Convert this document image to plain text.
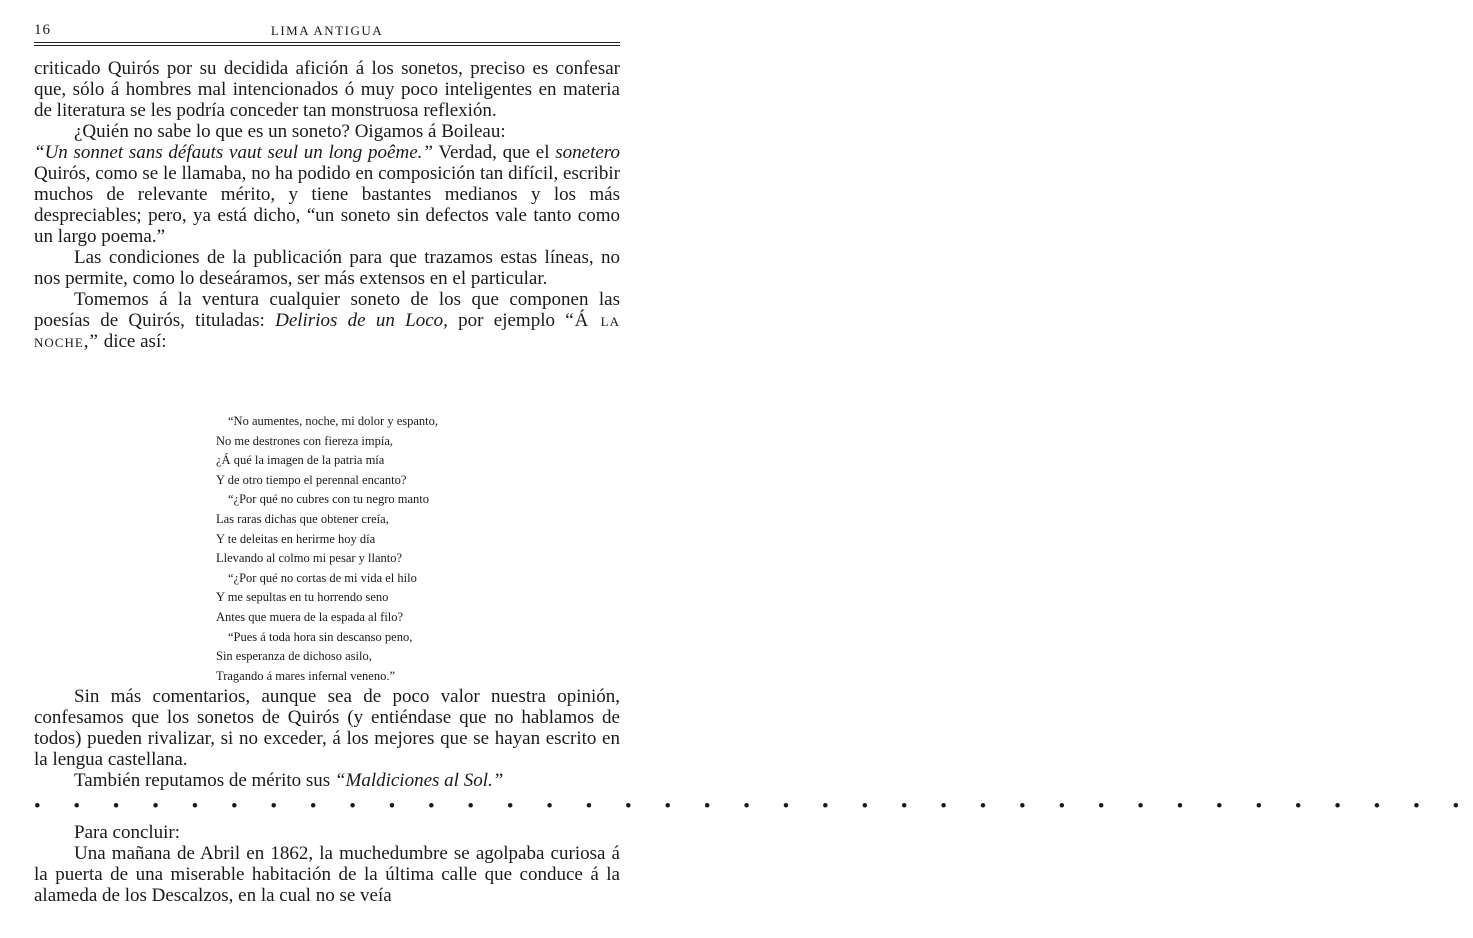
16	LIMA ANTIGUA

criticado Quirós por su decidida afición á los sonetos, preciso es confesar que, sólo á hombres mal intencionados ó muy poco inteligentes en materia de literatura se les podría conceder tan monstruosa reflexión.

¿Quién no sabe lo que es un soneto? Oigamos á Boileau:
“Un sonnet sans défauts vaut seul un long poême.” Verdad, que el sonetero Quirós, como se le llamaba, no ha podido en composición tan difícil, escribir muchos de relevante mérito, y tiene bastantes medianos y los más despreciables; pero, ya está dicho, “un soneto sin defectos vale tanto como un largo poema.”

Las condiciones de la publicación para que trazamos estas líneas, no nos permite, como lo deseáramos, ser más extensos en el particular.

Tomemos á la ventura cualquier soneto de los que componen las poesías de Quirós, tituladas: Delirios de un Loco, por ejemplo “Á la noche,” dice así:

“No aumentes, noche, mi dolor y espanto,
No me destrones con fiereza impía,
¿Á qué la imagen de la patria mía
Y de otro tiempo el perennal encanto?
“¿Por qué no cubres con tu negro manto
Las raras dichas que obtener creía,
Y te deleitas en herirme hoy día
Llevando al colmo mi pesar y llanto?
“¿Por qué no cortas de mi vida el hilo
Y me sepultas en tu horrendo seno
Antes que muera de la espada al filo?
“Pues á toda hora sin descanso peno,
Sin esperanza de dichoso asilo,
Tragando á mares infernal veneno.”

Sin más comentarios, aunque sea de poco valor nuestra opinión, confesamos que los sonetos de Quirós (y entiéndase que no hablamos de todos) pueden rivalizar, si no exceder, á los mejores que se hayan escrito en la lengua castellana.

También reputamos de mérito sus “Maldiciones al Sol.”

• • • • • • • • • • • • • • • • • • • • • • • • • • • • • • • • • • • • •

Para concluir:

Una mañana de Abril en 1862, la muchedumbre se agolpaba curiosa á la puerta de una miserable habitación de la última calle que conduce á la alameda de los Descalzos, en la cual no se veía
